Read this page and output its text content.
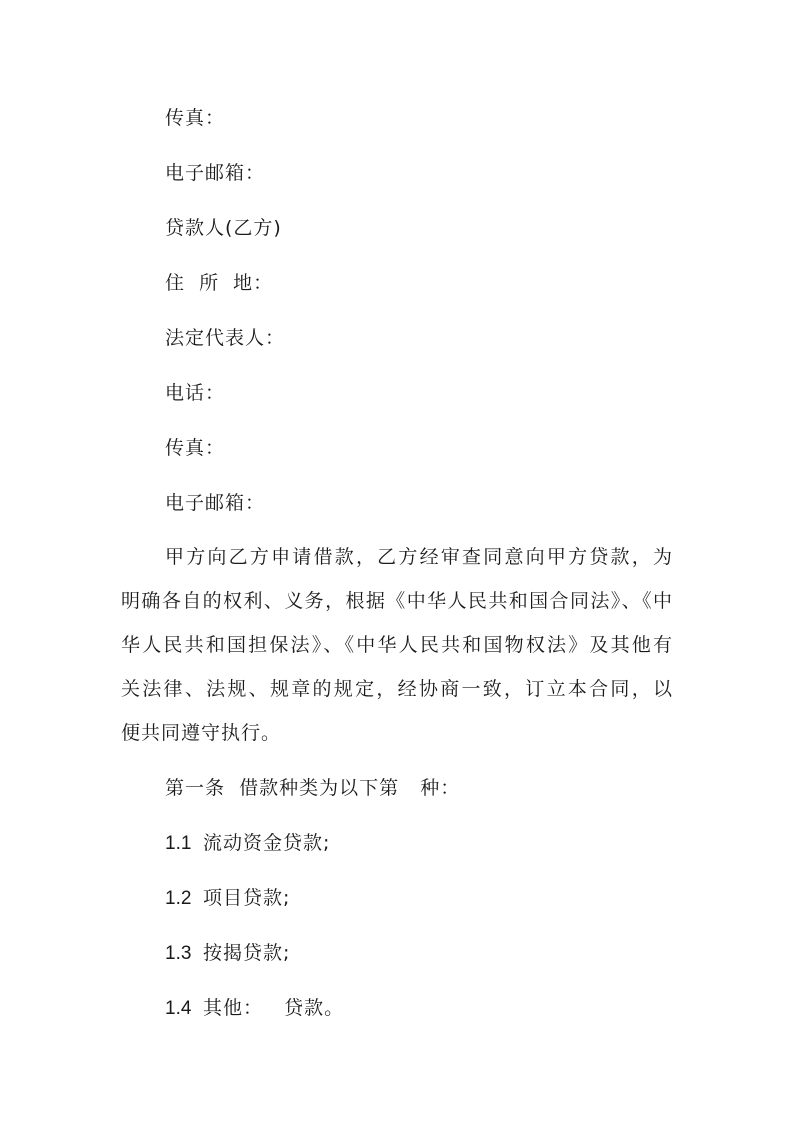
传真：
电子邮箱：
贷款人(乙方)
住  所  地：
法定代表人：
电话：
传真：
电子邮箱：
甲方向乙方申请借款，乙方经审查同意向甲方贷款，为
明确各自的权利、义务，根据《中华人民共和国合同法》、《中
华人民共和国担保法》、《中华人民共和国物权法》及其他有
关法律、法规、规章的规定，经协商一致，订立本合同，以
便共同遵守执行。
第一条  借款种类为以下第   种：
1.1 流动资金贷款;
1.2 项目贷款;
1.3 按揭贷款;
1.4 其他：   贷款。
